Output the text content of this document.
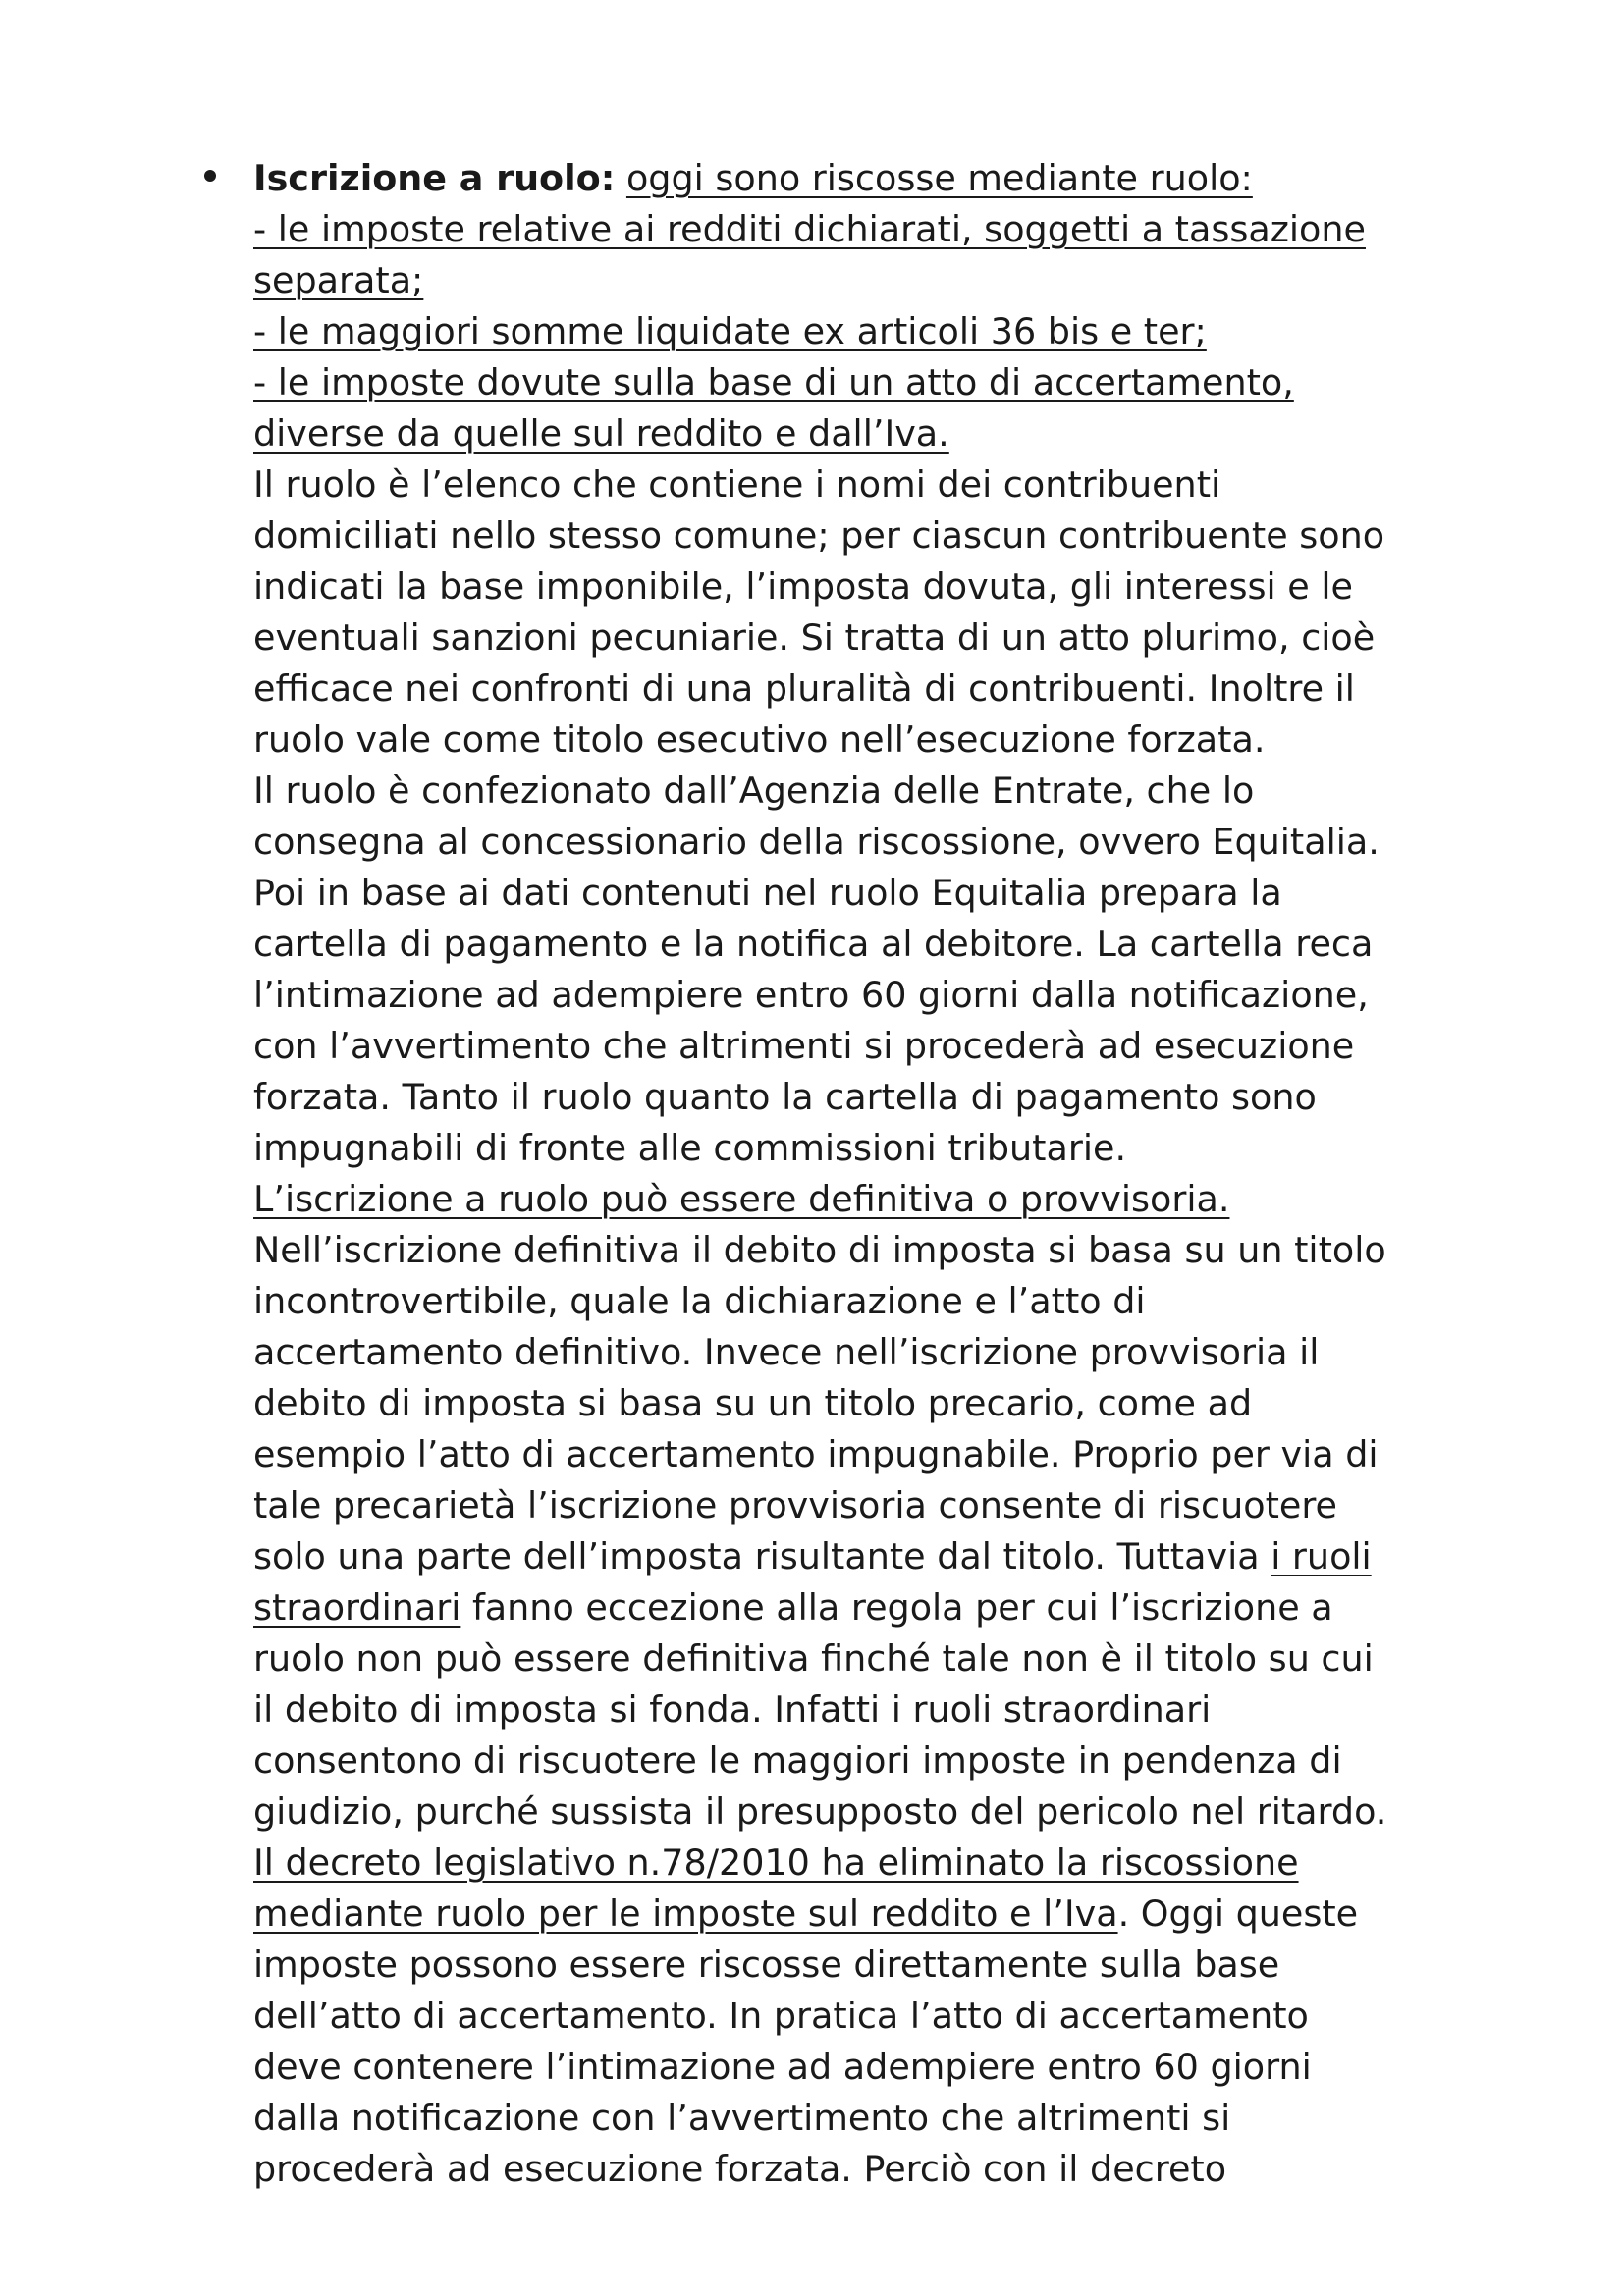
Iscrizione a ruolo: oggi sono riscosse mediante ruolo:
- le imposte relative ai redditi dichiarati, soggetti a tassazione
separata;
- le maggiori somme liquidate ex articoli 36 bis e ter;
- le imposte dovute sulla base di un atto di accertamento,
diverse da quelle sul reddito e dall’Iva.
Il ruolo è l’elenco che contiene i nomi dei contribuenti
domiciliati nello stesso comune; per ciascun contribuente sono
indicati la base imponibile, l’imposta dovuta, gli interessi e le
eventuali sanzioni pecuniarie. Si tratta di un atto plurimo, cioè
efficace nei confronti di una pluralità di contribuenti. Inoltre il
ruolo vale come titolo esecutivo nell’esecuzione forzata.
Il ruolo è confezionato dall’Agenzia delle Entrate, che lo
consegna al concessionario della riscossione, ovvero Equitalia.
Poi in base ai dati contenuti nel ruolo Equitalia prepara la
cartella di pagamento e la notifica al debitore. La cartella reca
l’intimazione ad adempiere entro 60 giorni dalla notificazione,
con l’avvertimento che altrimenti si procederà ad esecuzione
forzata. Tanto il ruolo quanto la cartella di pagamento sono
impugnabili di fronte alle commissioni tributarie.
L’iscrizione a ruolo può essere definitiva o provvisoria.
Nell’iscrizione definitiva il debito di imposta si basa su un titolo
incontrovertibile, quale la dichiarazione e l’atto di
accertamento definitivo. Invece nell’iscrizione provvisoria il
debito di imposta si basa su un titolo precario, come ad
esempio l’atto di accertamento impugnabile. Proprio per via di
tale precarietà l’iscrizione provvisoria consente di riscuotere
solo una parte dell’imposta risultante dal titolo. Tuttavia i ruoli
straordinari fanno eccezione alla regola per cui l’iscrizione a
ruolo non può essere definitiva finché tale non è il titolo su cui
il debito di imposta si fonda. Infatti i ruoli straordinari
consentono di riscuotere le maggiori imposte in pendenza di
giudizio, purché sussista il presupposto del pericolo nel ritardo.
Il decreto legislativo n.78/2010 ha eliminato la riscossione
mediante ruolo per le imposte sul reddito e l’Iva. Oggi queste
imposte possono essere riscosse direttamente sulla base
dell’atto di accertamento. In pratica l’atto di accertamento
deve contenere l’intimazione ad adempiere entro 60 giorni
dalla notificazione con l’avvertimento che altrimenti si
procederà ad esecuzione forzata. Perciò con il decreto
